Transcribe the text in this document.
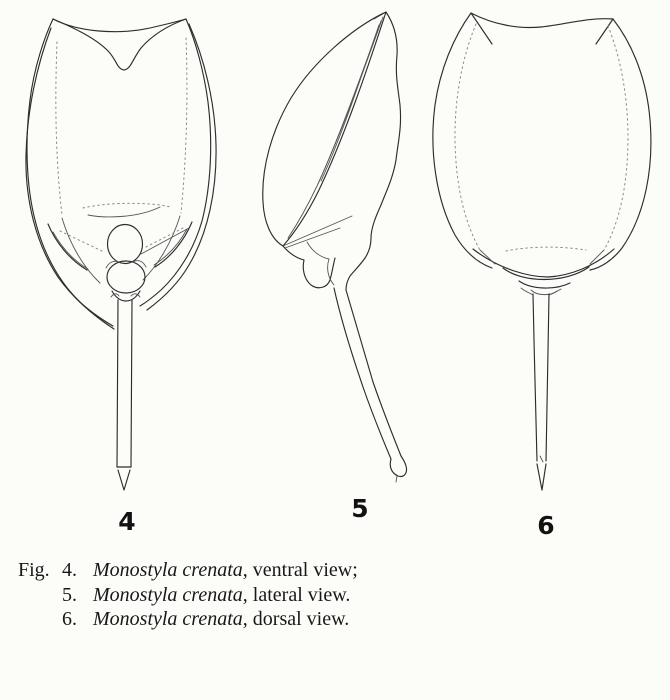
4	5
6
Fig. 4. Monostyla crenata, ventral view;
5. Monostyla crenata, lateral view.
6. Monostyla crenata, dorsal view.
